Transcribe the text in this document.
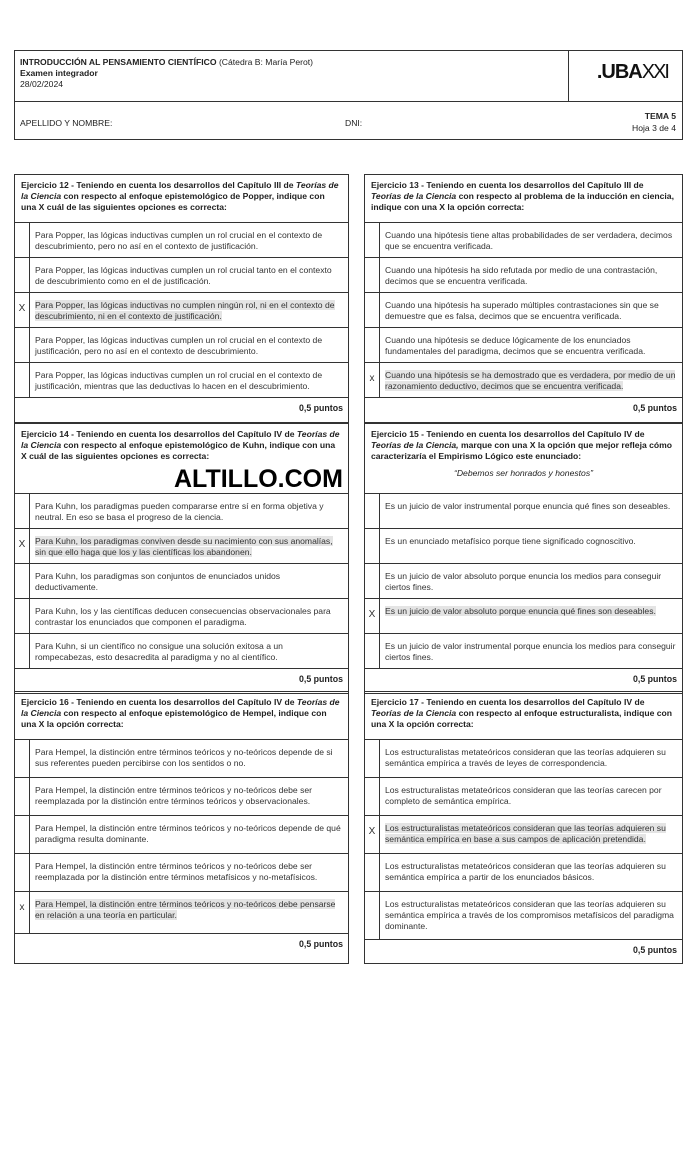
INTRODUCCIÓN AL PENSAMIENTO CIENTÍFICO (Cátedra B: María Perot)
Examen integrador
28/02/2024
.UBAXXI
APELLIDO Y NOMBRE:	DNI:
TEMA 5
Hoja 3 de 4
Ejercicio 12 - Teniendo en cuenta los desarrollos del Capítulo III de Teorías de la Ciencia con respecto al enfoque epistemológico de Popper, indique con una X cuál de las siguientes opciones es correcta:
Para Popper, las lógicas inductivas cumplen un rol crucial en el contexto de descubrimiento, pero no así en el contexto de justificación.
Para Popper, las lógicas inductivas cumplen un rol crucial tanto en el contexto de descubrimiento como en el de justificación.
X	Para Popper, las lógicas inductivas no cumplen ningún rol, ni en el contexto de descubrimiento, ni en el contexto de justificación.
Para Popper, las lógicas inductivas cumplen un rol crucial en el contexto de justificación, pero no así en el contexto de descubrimiento.
Para Popper, las lógicas inductivas cumplen un rol crucial en el contexto de justificación, mientras que las deductivas lo hacen en el descubrimiento.
0,5 puntos
Ejercicio 13 - Teniendo en cuenta los desarrollos del Capítulo III de Teorías de la Ciencia con respecto al problema de la inducción en ciencia, indique con una X la opción correcta:
Cuando una hipótesis tiene altas probabilidades de ser verdadera, decimos que se encuentra verificada.
Cuando una hipótesis ha sido refutada por medio de una contrastación, decimos que se encuentra verificada.
Cuando una hipótesis ha superado múltiples contrastaciones sin que se demuestre que es falsa, decimos que se encuentra verificada.
Cuando una hipótesis se deduce lógicamente de los enunciados fundamentales del paradigma, decimos que se encuentra verificada.
x	Cuando una hipótesis se ha demostrado que es verdadera, por medio de un razonamiento deductivo, decimos que se encuentra verificada.
0,5 puntos
Ejercicio 14 - Teniendo en cuenta los desarrollos del Capítulo IV de Teorías de la Ciencia con respecto al enfoque epistemológico de Kuhn, indique con una X cuál de las siguientes opciones es correcta:
Para Kuhn, los paradigmas pueden compararse entre sí en forma objetiva y neutral. En eso se basa el progreso de la ciencia.
X	Para Kuhn, los paradigmas conviven desde su nacimiento con sus anomalías, sin que ello haga que los y las científicas los abandonen.
Para Kuhn, los paradigmas son conjuntos de enunciados unidos deductivamente.
Para Kuhn, los y las científicas deducen consecuencias observacionales para contrastar los enunciados que componen el paradigma.
Para Kuhn, si un científico no consigue una solución exitosa a un rompecabezas, esto desacredita al paradigma y no al científico.
0,5 puntos
Ejercicio 15 - Teniendo en cuenta los desarrollos del Capítulo IV de Teorías de la Ciencia, marque con una X la opción que mejor refleja cómo caracterizaría el Empirismo Lógico este enunciado:
“Debemos ser honrados y honestos”
Es un juicio de valor instrumental porque enuncia qué fines son deseables.
Es un enunciado metafísico porque tiene significado cognoscitivo.
Es un juicio de valor absoluto porque enuncia los medios para conseguir ciertos fines.
X	Es un juicio de valor absoluto porque enuncia qué fines son deseables.
Es un juicio de valor instrumental porque enuncia los medios para conseguir ciertos fines.
0,5 puntos
Ejercicio 16 - Teniendo en cuenta los desarrollos del Capítulo IV de Teorías de la Ciencia con respecto al enfoque epistemológico de Hempel, indique con una X la opción correcta:
Para Hempel, la distinción entre términos teóricos y no-teóricos depende de si sus referentes pueden percibirse con los sentidos o no.
Para Hempel, la distinción entre términos teóricos y no-teóricos debe ser reemplazada por la distinción entre términos teóricos y observacionales.
Para Hempel, la distinción entre términos teóricos y no-teóricos depende de qué paradigma resulta dominante.
Para Hempel, la distinción entre términos teóricos y no-teóricos debe ser reemplazada por la distinción entre términos metafísicos y no-metafísicos.
x	Para Hempel, la distinción entre términos teóricos y no-teóricos debe pensarse en relación a una teoría en particular.
0,5 puntos
Ejercicio 17 - Teniendo en cuenta los desarrollos del Capítulo IV de Teorías de la Ciencia con respecto al enfoque estructuralista, indique con una X la opción correcta:
Los estructuralistas metateóricos consideran que las teorías adquieren su semántica empírica a través de leyes de correspondencia.
Los estructuralistas metateóricos consideran que las teorías carecen por completo de semántica empírica.
X	Los estructuralistas metateóricos consideran que las teorías adquieren su semántica empírica en base a sus campos de aplicación pretendida.
Los estructuralistas metateóricos consideran que las teorías adquieren su semántica empírica a partir de los enunciados básicos.
Los estructuralistas metateóricos consideran que las teorías adquieren su semántica empírica a través de los compromisos metafísicos del paradigma dominante.
0,5 puntos
ALTILLO.COM
